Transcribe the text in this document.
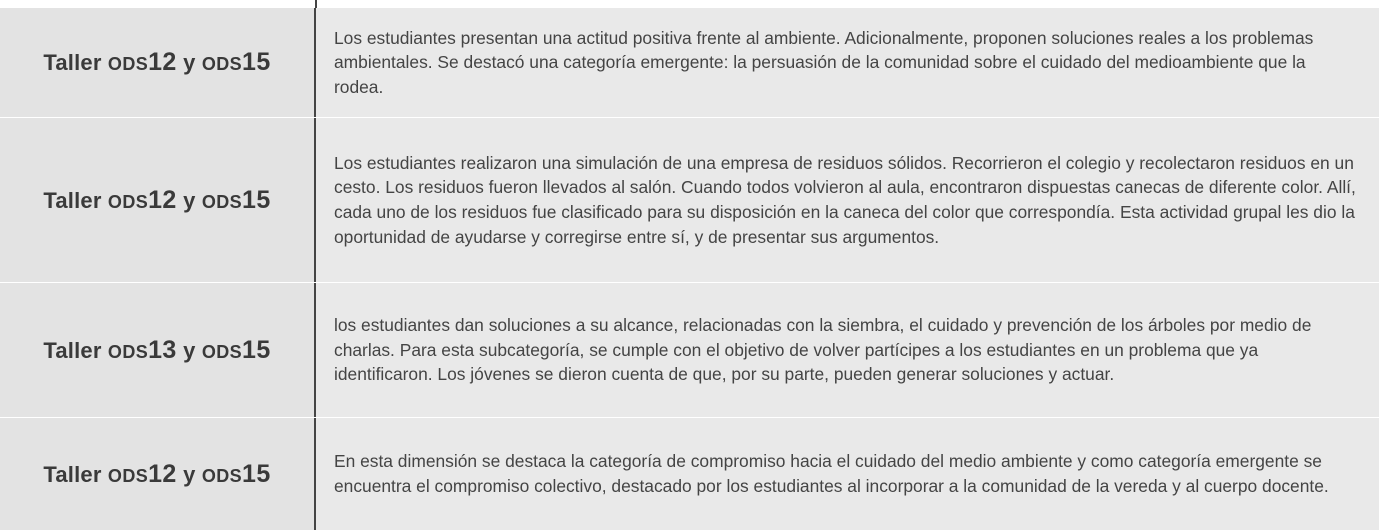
Taller ods12 y ods15

Los estudiantes presentan una actitud positiva frente al ambiente. Adicionalmente, proponen soluciones reales a los problemas ambientales. Se destacó una categoría emergente: la persuasión de la comunidad sobre el cuidado del medioambiente que la rodea.

Taller ods12 y ods15

Los estudiantes realizaron una simulación de una empresa de residuos sólidos. Recorrieron el colegio y recolectaron residuos en un cesto. Los residuos fueron llevados al salón. Cuando todos volvieron al aula, encontraron dispuestas canecas de diferente color. Allí, cada uno de los residuos fue clasificado para su disposición en la caneca del color que correspondía. Esta actividad grupal les dio la oportunidad de ayudarse y corregirse entre sí, y de presentar sus argumentos.

Taller ods13 y ods15

los estudiantes dan soluciones a su alcance, relacionadas con la siembra, el cuidado y prevención de los árboles por medio de charlas. Para esta subcategoría, se cumple con el objetivo de volver partícipes a los estudiantes en un problema que ya identificaron. Los jóvenes se dieron cuenta de que, por su parte, pueden generar soluciones y actuar.

Taller ods12 y ods15	En esta dimensión se destaca la categoría de compromiso hacia el cuidado del medio ambiente y como categoría emergente se encuentra el compromiso colectivo, destacado por los estudiantes al incorporar a la comunidad de la vereda y al cuerpo docente.
